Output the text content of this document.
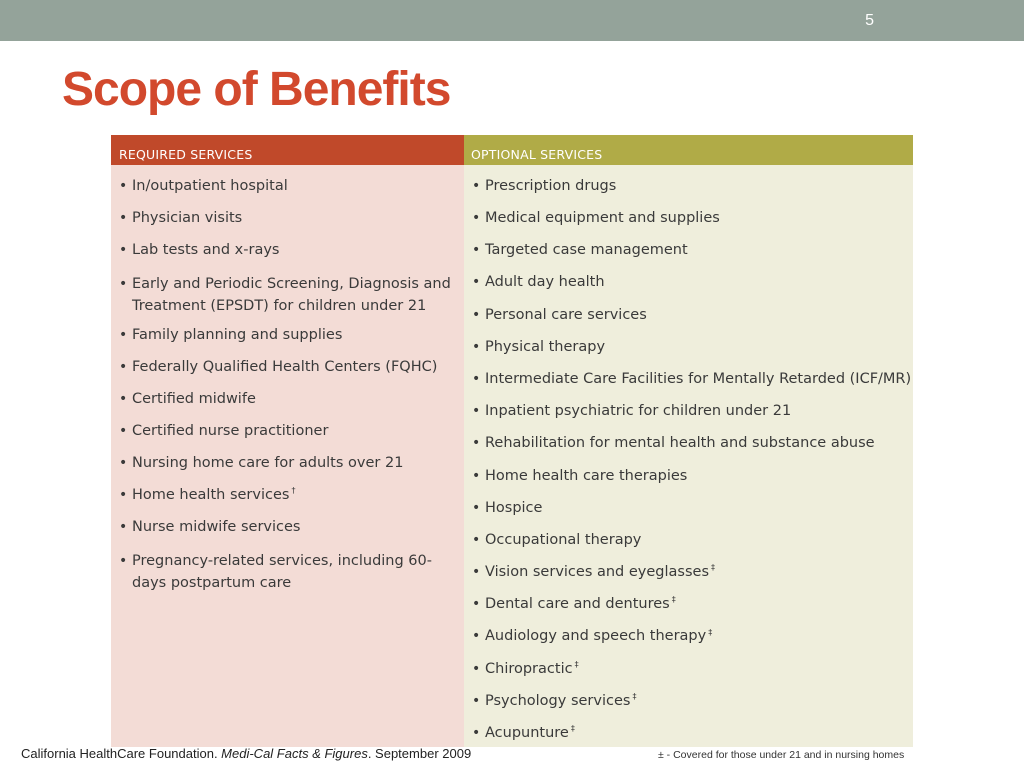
5
Scope of Benefits
REQUIRED SERVICES
• In/outpatient hospital
• Physician visits
• Lab tests and x-rays
• Early and Periodic Screening, Diagnosis and Treatment (EPSDT) for children under 21
• Family planning and supplies
• Federally Qualified Health Centers (FQHC)
• Certified midwife
• Certified nurse practitioner
• Nursing home care for adults over 21
• Home health services †
• Nurse midwife services
• Pregnancy-related services, including 60-days postpartum care
OPTIONAL SERVICES
• Prescription drugs
• Medical equipment and supplies
• Targeted case management
• Adult day health
• Personal care services
• Physical therapy
• Intermediate Care Facilities for Mentally Retarded (ICF/MR)
• Inpatient psychiatric for children under 21
• Rehabilitation for mental health and substance abuse
• Home health care therapies
• Hospice
• Occupational therapy
• Vision services and eyeglasses ‡
• Dental care and dentures ‡
• Audiology and speech therapy ‡
• Chiropractic ‡
• Psychology services ‡
• Acupunture ‡
California HealthCare Foundation. Medi-Cal Facts & Figures. September 2009	± - Covered for those under 21 and in nursing homes
